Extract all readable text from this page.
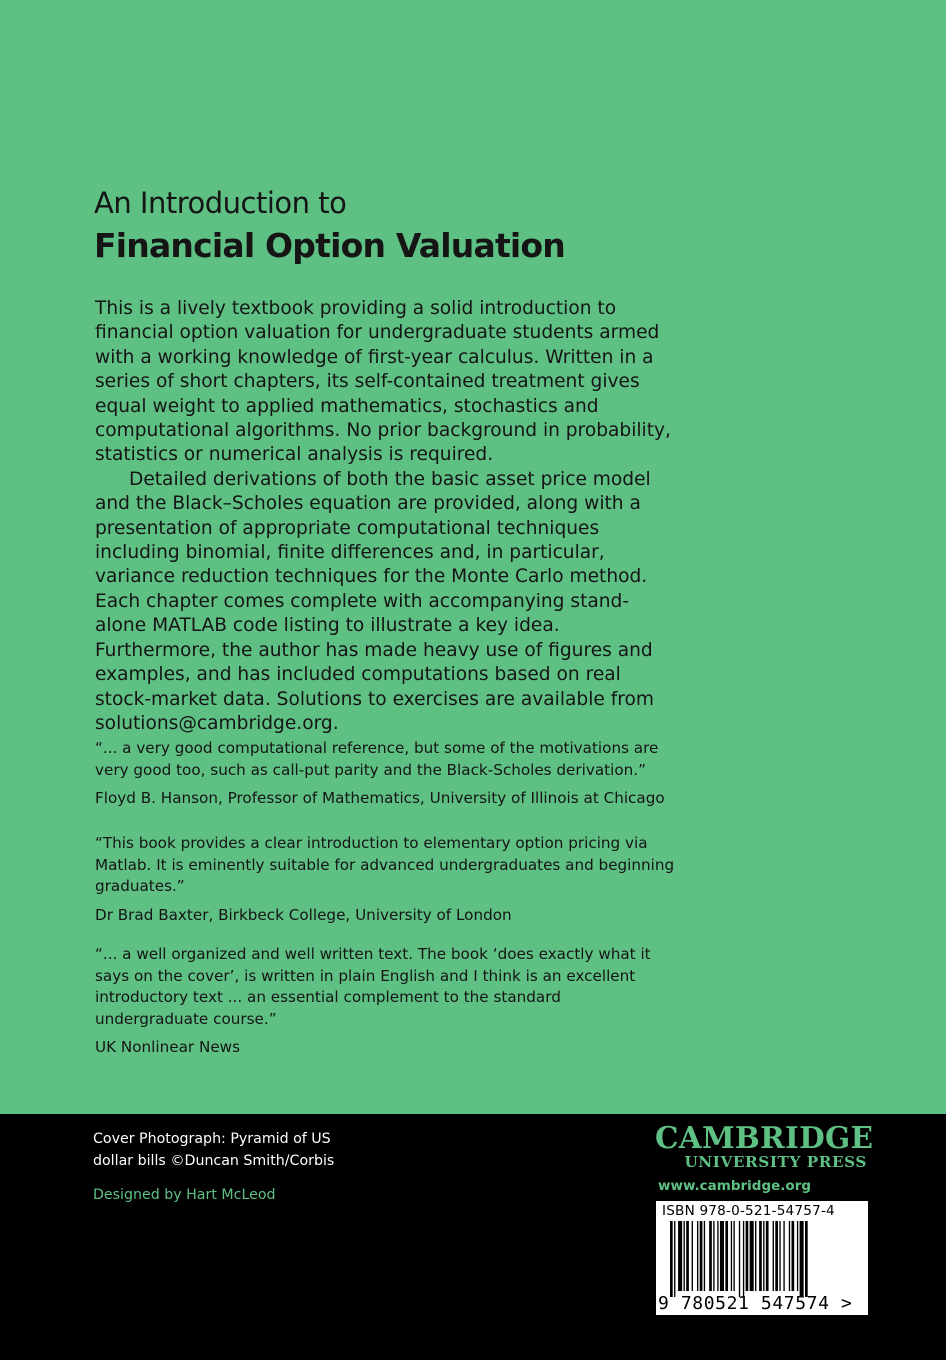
An Introduction to
Financial Option Valuation

This is a lively textbook providing a solid introduction to financial option valuation for undergraduate students armed with a working knowledge of first-year calculus. Written in a series of short chapters, its self-contained treatment gives equal weight to applied mathematics, stochastics and computational algorithms. No prior background in probability, statistics or numerical analysis is required.

Detailed derivations of both the basic asset price model and the Black–Scholes equation are provided, along with a presentation of appropriate computational techniques including binomial, finite differences and, in particular, variance reduction techniques for the Monte Carlo method. Each chapter comes complete with accompanying stand-alone MATLAB code listing to illustrate a key idea. Furthermore, the author has made heavy use of figures and examples, and has included computations based on real stock-market data. Solutions to exercises are available from solutions@cambridge.org.

“... a very good computational reference, but some of the motivations are very good too, such as call-put parity and the Black-Scholes derivation.”

Floyd B. Hanson, Professor of Mathematics, University of Illinois at Chicago

“This book provides a clear introduction to elementary option pricing via Matlab. It is eminently suitable for advanced undergraduates and beginning graduates.”

Dr Brad Baxter, Birkbeck College, University of London

“... a well organized and well written text. The book ‘does exactly what it says on the cover’, is written in plain English and I think is an excellent introductory text ... an essential complement to the standard undergraduate course.”

UK Nonlinear News

Cover Photograph: Pyramid of US
dollar bills ©Duncan Smith/Corbis
Designed by Hart McLeod
CAMBRIDGE
UNIVERSITY PRESS
www.cambridge.org
ISBN 978-0-521-54757-4
9 780521 547574 >
